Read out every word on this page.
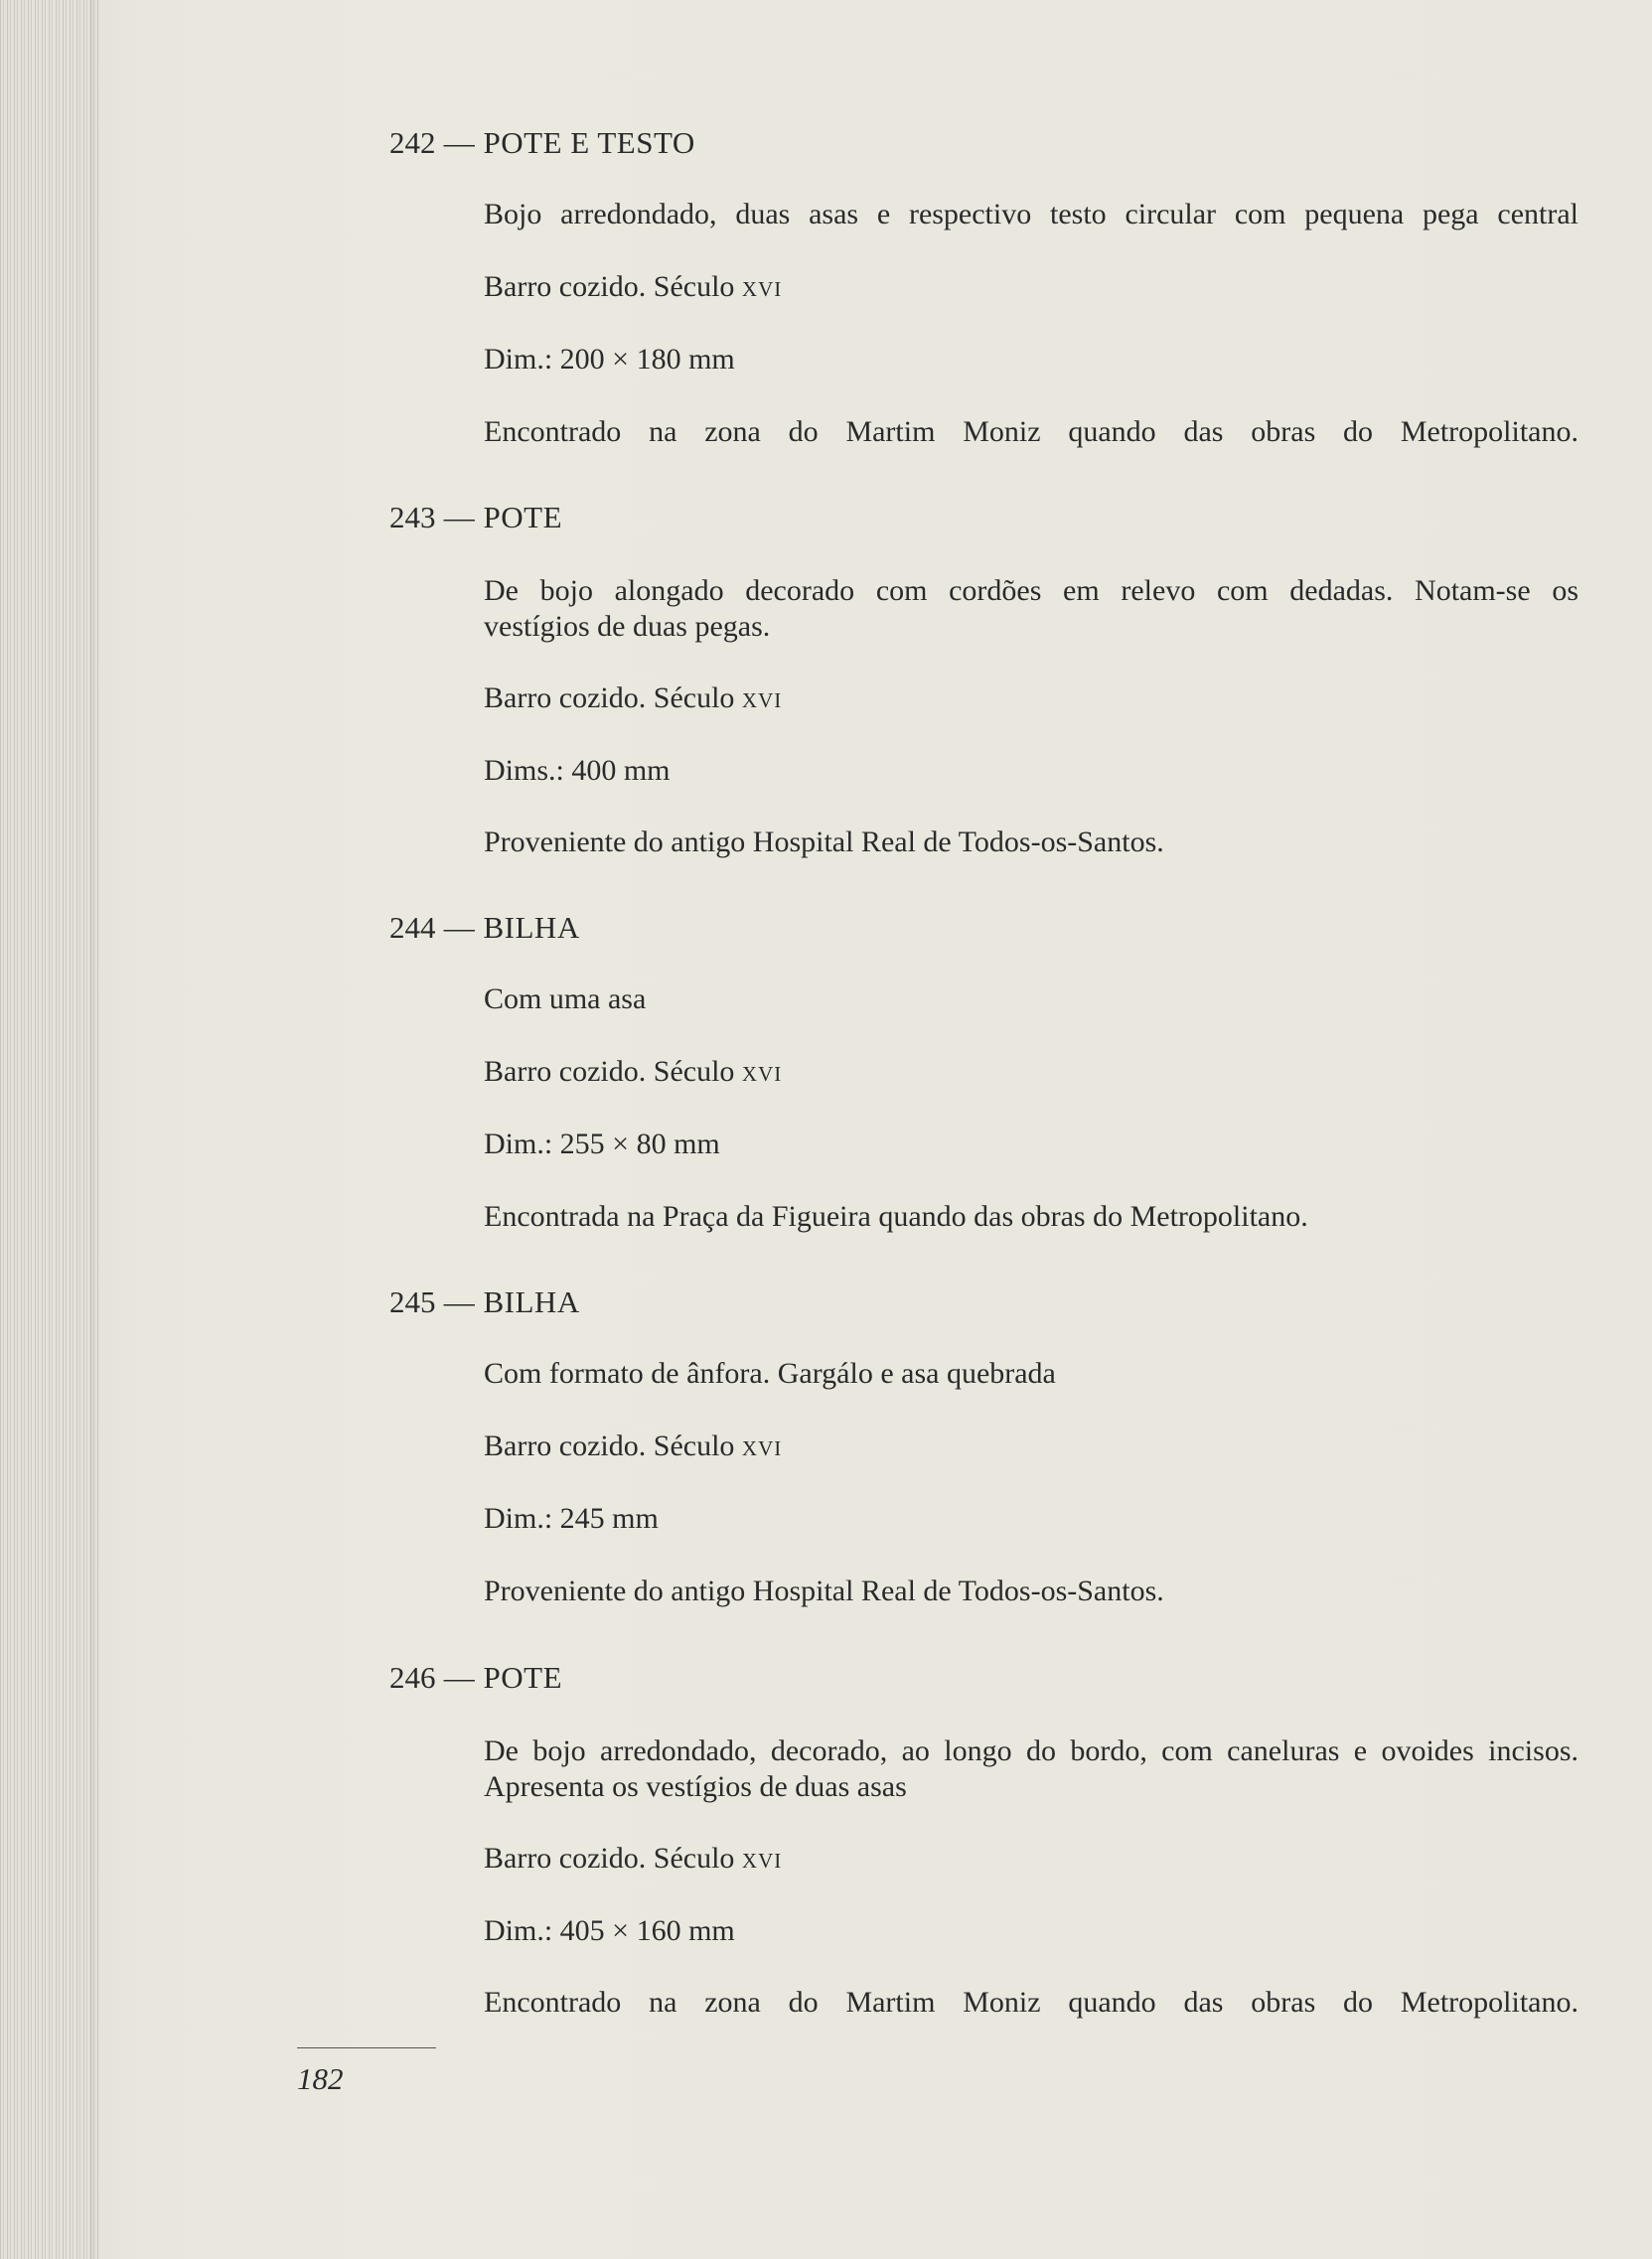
242 — POTE E TESTO
Bojo arredondado, duas asas e respectivo testo circular com pequena pega central
Barro cozido. Século xvi
Dim.: 200 × 180 mm
Encontrado na zona do Martim Moniz quando das obras do Metropolitano.
243 — POTE
De bojo alongado decorado com cordões em relevo com dedadas. Notam-se os
vestígios de duas pegas.
Barro cozido. Século xvi
Dims.: 400 mm
Proveniente do antigo Hospital Real de Todos-os-Santos.
244 — BILHA
Com uma asa
Barro cozido. Século xvi
Dim.: 255 × 80 mm
Encontrada na Praça da Figueira quando das obras do Metropolitano.
245 — BILHA
Com formato de ânfora. Gargálo e asa quebrada
Barro cozido. Século xvi
Dim.: 245 mm
Proveniente do antigo Hospital Real de Todos-os-Santos.
246 — POTE
De bojo arredondado, decorado, ao longo do bordo, com caneluras e ovoides incisos.
Apresenta os vestígios de duas asas
Barro cozido. Século xvi
Dim.: 405 × 160 mm
Encontrado na zona do Martim Moniz quando das obras do Metropolitano.
182
